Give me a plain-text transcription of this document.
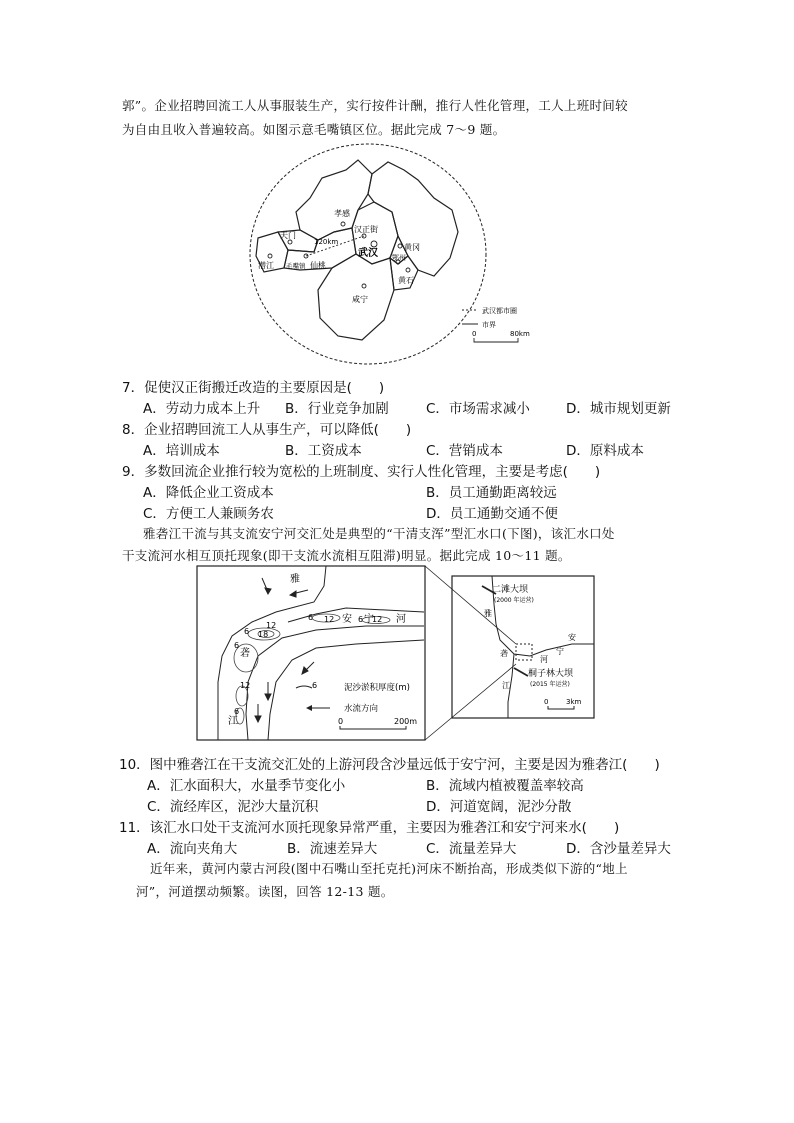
郭”。企业招聘回流工人从事服装生产，实行按件计酬，推行人性化管理，工人上班时间较
为自由且收入普遍较高。如图示意毛嘴镇区位。据此完成 7～9 题。
孝感
天门
潜江 毛嘴镇 仙桃
120km
汉正街
武汉
黄冈
鄂州
黄石
咸宁
武汉都市圈
市界
0	80km
7．促使汉正街搬迁改造的主要原因是(　　)
A．劳动力成本上升 B．行业竞争加剧	C．市场需求减小	D．城市规划更新
8．企业招聘回流工人从事生产，可以降低(　　)
A．培训成本	B．工资成本	C．营销成本	D．原料成本
9．多数回流企业推行较为宽松的上班制度、实行人性化管理，主要是考虑(　　)
A．降低企业工资成本	B．员工通勤距离较远
C．方便工人兼顾务农	D．员工通勤交通不便
雅砻江干流与其支流安宁河交汇处是典型的“干清支浑”型汇水口(下图)，该汇水口处
干支流河水相互顶托现象(即干支流水流相互阻滞)明显。据此完成 10～11 题。
6
12
18
6
12
6
6 12	6 12
雅
砻
江
安 宁 河
6	泥沙淤积厚度(m)
水流方向
0	200m
二滩大坝
(2000 年运营)
桐子林大坝
(2015 年运营)
雅
砻
江
安
宁
河
0	3km
10．图中雅砻江在干支流交汇处的上游河段含沙量远低于安宁河，主要是因为雅砻江(　　)
A．汇水面积大，水量季节变化小	B．流域内植被覆盖率较高
C．流经库区，泥沙大量沉积	D．河道宽阔，泥沙分散
11．该汇水口处干支流河水顶托现象异常严重，主要因为雅砻江和安宁河来水(　　)
A．流向夹角大	B．流速差异大	C．流量差异大	D．含沙量差异大
近年来，黄河内蒙古河段(图中石嘴山至托克托)河床不断抬高，形成类似下游的“地上
河”，河道摆动频繁。读图，回答 12-13 题。
